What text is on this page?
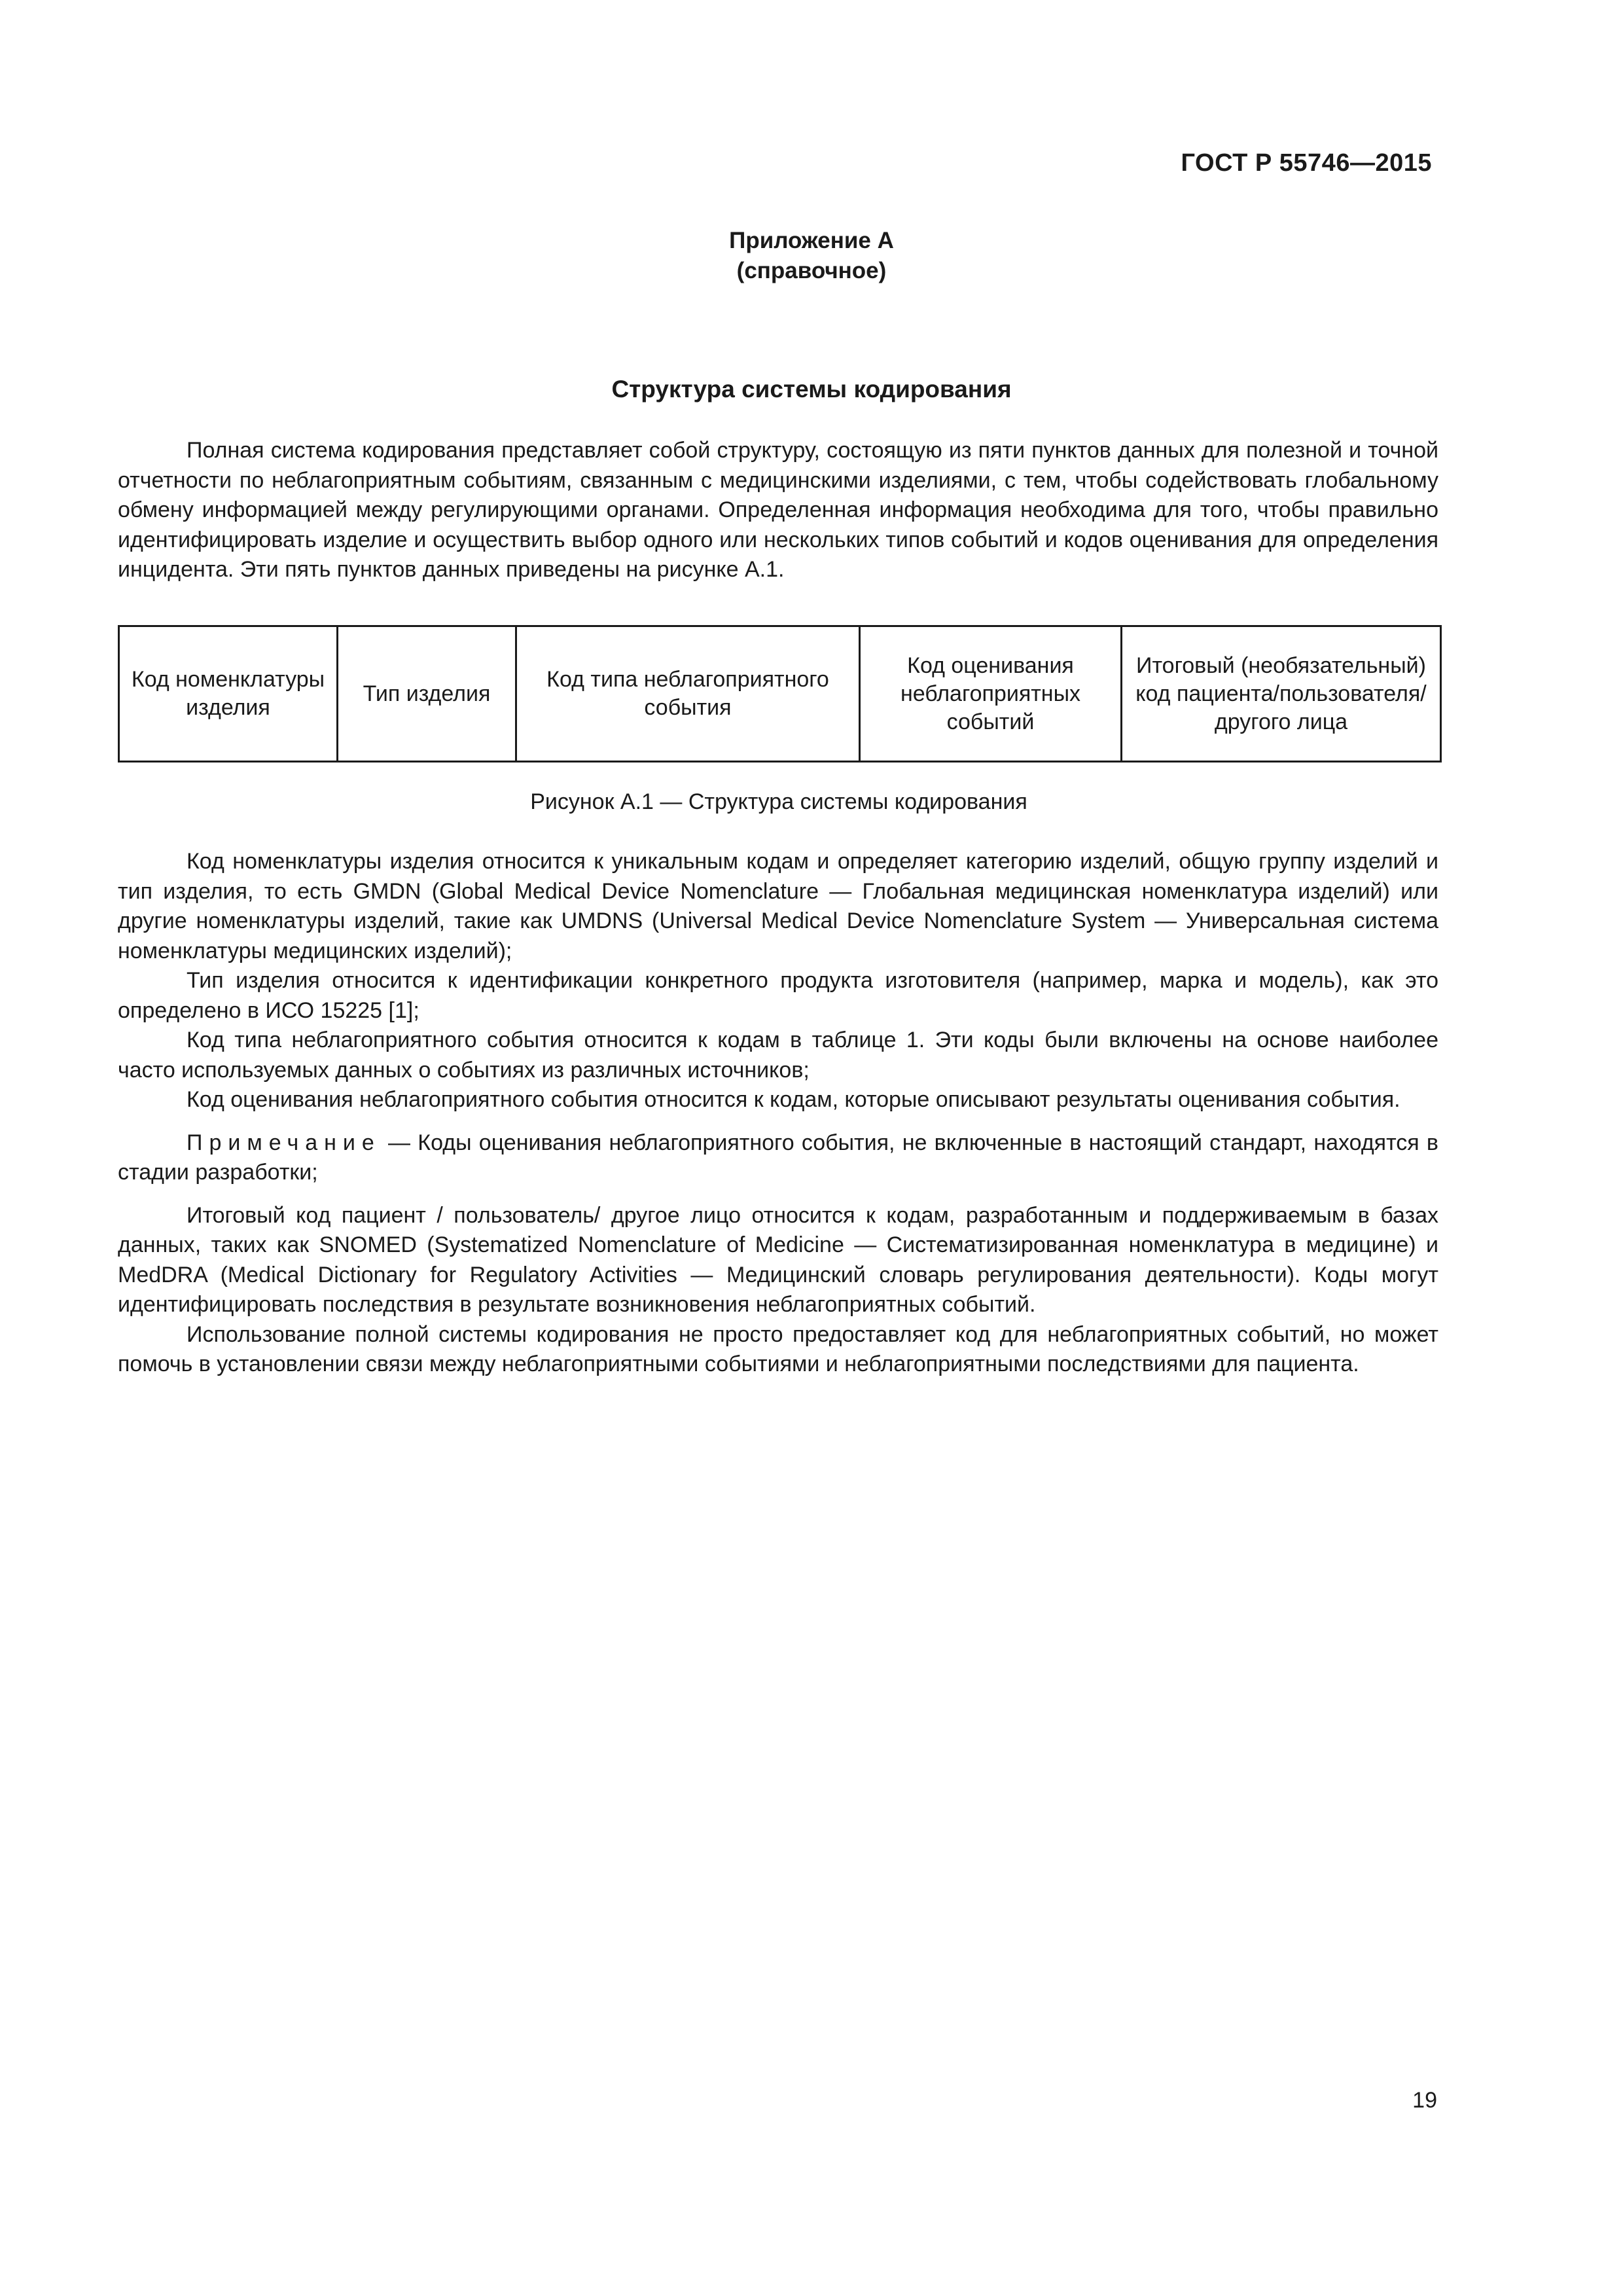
ГОСТ Р 55746—2015
Приложение А
(справочное)
Структура системы кодирования

Полная система кодирования представляет собой структуру, состоящую из пяти пунктов данных для полезной и точной отчетности по неблагоприятным событиям, связанным с медицинскими изделиями, с тем, чтобы содействовать глобальному обмену информацией между регулирующими органами. Определенная информация необходима для того, чтобы правильно идентифицировать изделие и осуществить выбор одного или нескольких типов событий и кодов оценивания для определения инцидента. Эти пять пунктов данных приведены на рисунке А.1.

Код номенклатуры изделия	Тип изделия	Код типа неблагоприятного события	Код оценивания неблагоприятных событий	Итоговый (необязательный) код пациента/пользователя/ другого лица
Рисунок А.1 — Структура системы кодирования

Код номенклатуры изделия относится к уникальным кодам и определяет категорию изделий, общую группу изделий и тип изделия, то есть GMDN (Global Medical Device Nomenclature — Глобальная медицинская номенклатура изделий) или другие номенклатуры изделий, такие как UMDNS (Universal Medical Device Nomenclature System — Универсальная система номенклатуры медицинских изделий);

Тип изделия относится к идентификации конкретного продукта изготовителя (например, марка и модель), как это определено в ИСО 15225 [1];

Код типа неблагоприятного события относится к кодам в таблице 1. Эти коды были включены на основе наиболее часто используемых данных о событиях из различных источников;

Код оценивания неблагоприятного события относится к кодам, которые описывают результаты оценивания события.

Примечание — Коды оценивания неблагоприятного события, не включенные в настоящий стандарт, находятся в стадии разработки;

Итоговый код пациент / пользователь/ другое лицо относится к кодам, разработанным и поддерживаемым в базах данных, таких как SNOMED (Systematized Nomenclature of Medicine — Систематизированная номенклатура в медицине) и MedDRA (Medical Dictionary for Regulatory Activities — Медицинский словарь регулирования деятельности). Коды могут идентифицировать последствия в результате возникновения неблагоприятных событий.

Использование полной системы кодирования не просто предоставляет код для неблагоприятных событий, но может помочь в установлении связи между неблагоприятными событиями и неблагоприятными последствиями для пациента.

19
